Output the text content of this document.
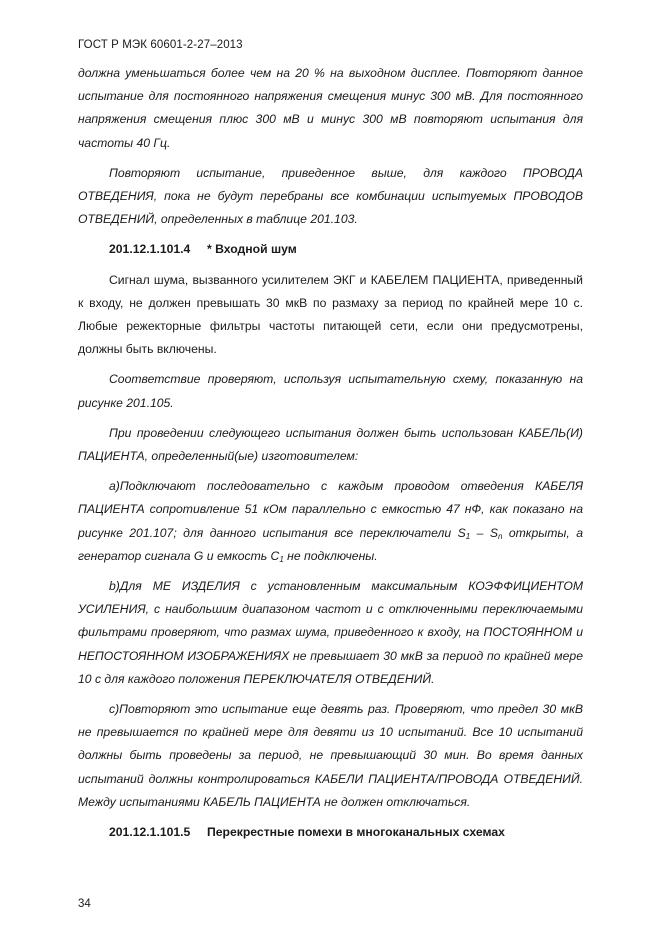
ГОСТ Р МЭК 60601-2-27–2013

должна уменьшаться более чем на 20 % на выходном дисплее. Повторяют данное испытание для постоянного напряжения смещения минус 300 мВ. Для постоянного напряжения смещения плюс 300 мВ и минус 300 мВ повторяют испытания для частоты 40 Гц.

Повторяют испытание, приведенное выше, для каждого ПРОВОДА ОТВЕДЕНИЯ, пока не будут перебраны все комбинации испытуемых ПРОВОДОВ ОТВЕДЕНИЙ, определенных в таблице 201.103.

201.12.1.101.4 * Входной шум

Сигнал шума, вызванного усилителем ЭКГ и КАБЕЛЕМ ПАЦИЕНТА, приведенный к входу, не должен превышать 30 мкВ по размаху за период по крайней мере 10 с. Любые режекторные фильтры частоты питающей сети, если они предусмотрены, должны быть включены.

Соответствие проверяют, используя испытательную схему, показанную на рисунке 201.105.

При проведении следующего испытания должен быть использован КАБЕЛЬ(И) ПАЦИЕНТА, определенный(ые) изготовителем:

а)Подключают последовательно с каждым проводом отведения КАБЕЛЯ ПАЦИЕНТА сопротивление 51 кОм параллельно с емкостью 47 нФ, как показано на рисунке 201.107; для данного испытания все переключатели $S_1 - S_n$ открыты, а генератор сигнала G и емкость $C_1$ не подключены.

b)Для МЕ ИЗДЕЛИЯ с установленным максимальным КОЭФФИЦИЕНТОМ УСИЛЕНИЯ, с наибольшим диапазоном частот и с отключенными переключаемыми фильтрами проверяют, что размах шума, приведенного к входу, на ПОСТОЯННОМ и НЕПОСТОЯННОМ ИЗОБРАЖЕНИЯХ не превышает 30 мкВ за период по крайней мере 10 с для каждого положения ПЕРЕКЛЮЧАТЕЛЯ ОТВЕДЕНИЙ.

c)Повторяют это испытание еще девять раз. Проверяют, что предел 30 мкВ не превышается по крайней мере для девяти из 10 испытаний. Все 10 испытаний должны быть проведены за период, не превышающий 30 мин. Во время данных испытаний должны контролироваться КАБЕЛИ ПАЦИЕНТА/ПРОВОДА ОТВЕДЕНИЙ. Между испытаниями КАБЕЛЬ ПАЦИЕНТА не должен отключаться.

201.12.1.101.5 Перекрестные помехи в многоканальных схемах
34
